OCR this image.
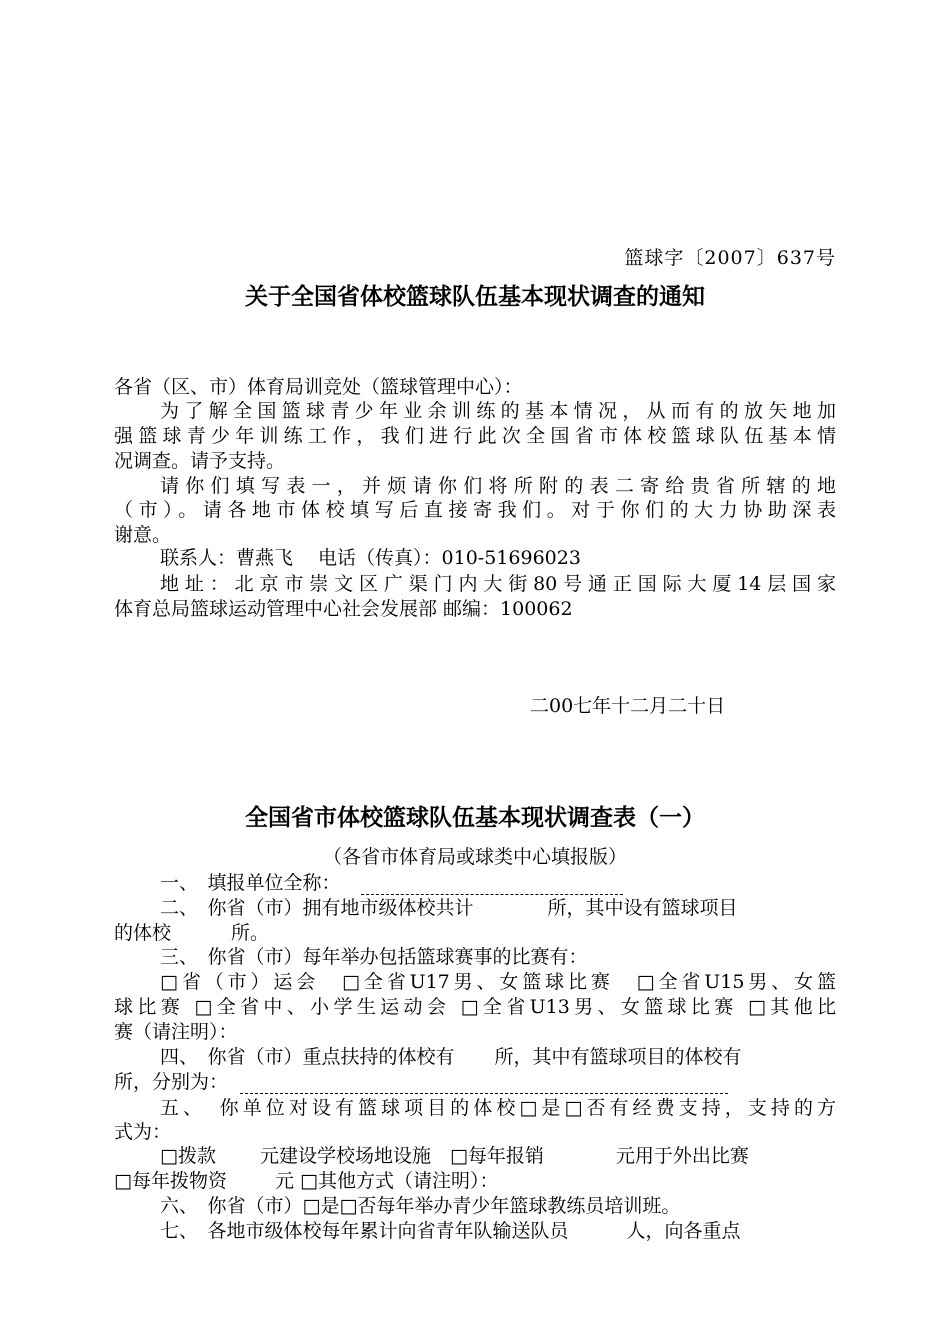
篮球字〔2007〕637号
关于全国省体校篮球队伍基本现状调查的通知
各省（区、市）体育局训竞处（篮球管理中心）：
为了解全国篮球青少年业余训练的基本情况，从而有的放矢地加
强篮球青少年训练工作，我们进行此次全国省市体校篮球队伍基本情
况调查。请予支持。
请你们填写表一，并烦请你们将所附的表二寄给贵省所辖的地
（市）。请各地市体校填写后直接寄我们。对于你们的大力协助深表
谢意。
联系人：曹燕飞　 电话（传真）：010-51696023
地址：北京市崇文区广渠门内大街80号通正国际大厦14层国家
体育总局篮球运动管理中心社会发展部 邮编：100062
二00七年十二月二十日
全国省市体校篮球队伍基本现状调查表（一）
（各省市体育局或球类中心填报版）
一、　填报单位全称：
二、　你省（市）拥有地市级体校共计	所，其中设有篮球项目
的体校	所。
三、　你省（市）每年举办包括篮球赛事的比赛有：
□省（市）运会　□全省U17男、女篮球比赛　□全省U15男、女篮
球比赛 □全省中、小学生运动会 □全省U13男、女篮球比赛 □其他比
赛（请注明）：
四、　你省（市）重点扶持的体校有 所，其中有篮球项目的体校有
所，分别为：
五、　你单位对设有篮球项目的体校□是□否有经费支持，支持的方
式为：
□拨款 元建设学校场地设施　□每年报销	元用于外出比赛
□每年拨物资	元 □其他方式（请注明）：
六、　你省（市）□是□否每年举办青少年篮球教练员培训班。
七、　各地市级体校每年累计向省青年队输送队员	人，向各重点
